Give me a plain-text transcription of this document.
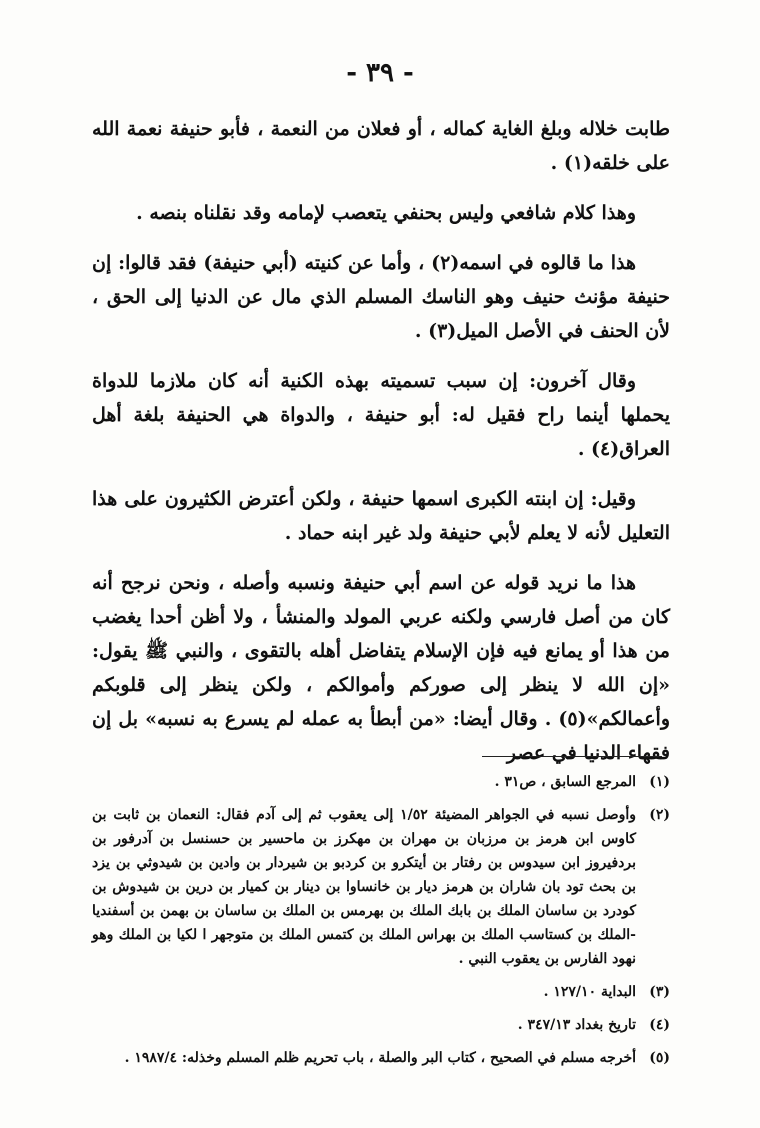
- ٣٩ -

طابت خلاله وبلغ الغاية كماله ، أو فعلان من النعمة ، فأبو حنيفة نعمة الله على خلقه(١) .

وهذا كلام شافعي وليس بحنفي يتعصب لإمامه وقد نقلناه بنصه .

هذا ما قالوه في اسمه(٢) ، وأما عن كنيته (أبي حنيفة) فقد قالوا: إن حنيفة مؤنث حنيف وهو الناسك المسلم الذي مال عن الدنيا إلى الحق ، لأن الحنف في الأصل الميل(٣) .

وقال آخرون: إن سبب تسميته بهذه الكنية أنه كان ملازما للدواة يحملها أينما راح فقيل له: أبو حنيفة ، والدواة هي الحنيفة بلغة أهل العراق(٤) .

وقيل: إن ابنته الكبرى اسمها حنيفة ، ولكن أعترض الكثيرون على هذا التعليل لأنه لا يعلم لأبي حنيفة ولد غير ابنه حماد .

هذا ما نريد قوله عن اسم أبي حنيفة ونسبه وأصله ، ونحن نرجح أنه كان من أصل فارسي ولكنه عربي المولد والمنشأ ، ولا أظن أحدا يغضب من هذا أو يمانع فيه فإن الإسلام يتفاضل أهله بالتقوى ، والنبي ﷺ يقول: «إن الله لا ينظر إلى صوركم وأموالكم ، ولكن ينظر إلى قلوبكم وأعمالكم»(٥) . وقال أيضا: «من أبطأ به عمله لم يسرع به نسبه» بل إن فقهاء الدنيا في عصر

(١)
المرجع السابق ، ص٣١ .
(٢)
وأوصل نسبه في الجواهر المضيئة ١/٥٢ إلى يعقوب ثم إلى آدم فقال: النعمان بن ثابت بن كاوس ابن هرمز بن مرزبان بن مهران بن مهكرز بن ماحسير بن حسنسل بن آدرفور بن بردفيروز ابن سيدوس بن رفتار بن أيتكرو بن كردبو بن شيردار بن وادين بن شيدوثي بن يزد بن بحث تود بان شاران بن هرمز ديار بن خانساوا بن دينار بن كميار بن درين بن شيدوش بن كودرد بن ساسان الملك بن بابك الملك بن بهرمس بن الملك بن ساسان بن بهمن بن أسفنديا -الملك بن كستاسب الملك بن بهراس الملك بن كتمس الملك بن متوجهر ا لكيا بن الملك وهو نهود الفارس بن يعقوب النبي .
(٣)
البداية ١٢٧/١٠ .
(٤)
تاريخ بغداد ٣٤٧/١٣ .
(٥)
أخرجه مسلم في الصحيح ، كتاب البر والصلة ، باب تحريم ظلم المسلم وخذله: ١٩٨٧/٤ .
